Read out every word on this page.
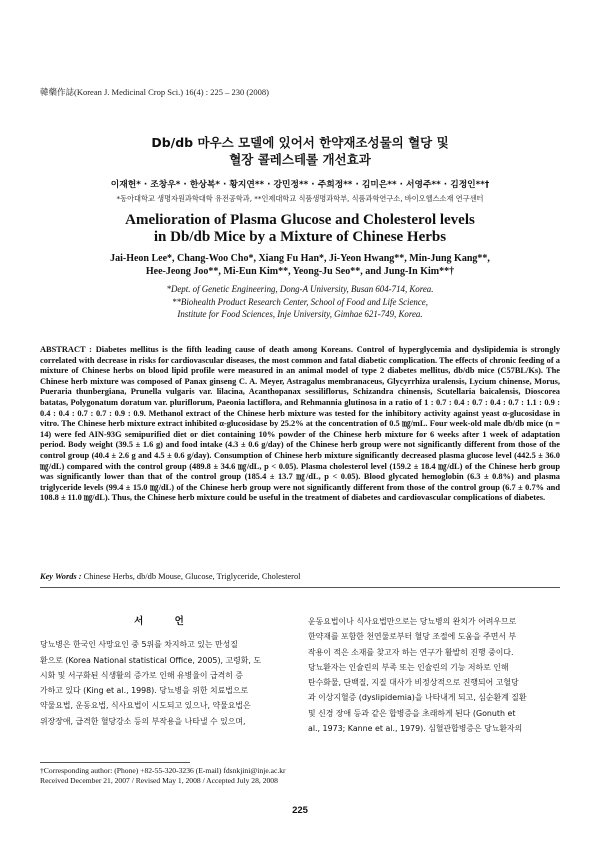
韓藥作誌(Korean J. Medicinal Crop Sci.) 16(4) : 225 – 230 (2008)
Db/db 마우스 모델에 있어서 한약재조성물의 혈당 및
혈장 콜레스테롤 개선효과
이재헌* · 조창우* · 한상복* · 황지연** · 강민정** · 주희정** · 김미은** · 서영주** · 김정인**†
*동아대학교 생명자원과학대학 유전공학과, **인제대학교 식품생명과학부, 식품과학연구소, 바이오헬스소재 연구센터
Amelioration of Plasma Glucose and Cholesterol levels
in Db/db Mice by a Mixture of Chinese Herbs
Jai-Heon Lee*, Chang-Woo Cho*, Xiang Fu Han*, Ji-Yeon Hwang**, Min-Jung Kang**,
Hee-Jeong Joo**, Mi-Eun Kim**, Yeong-Ju Seo**, and Jung-In Kim**†
*Dept. of Genetic Engineering, Dong-A University, Busan 604-714, Korea.
**Biohealth Product Research Center, School of Food and Life Science,
Institute for Food Sciences, Inje University, Gimhae 621-749, Korea.
ABSTRACT : Diabetes mellitus is the fifth leading cause of death among Koreans. Control of hyperglycemia and dyslipidemia is strongly correlated with decrease in risks for cardiovascular diseases, the most common and fatal diabetic complication. The effects of chronic feeding of a mixture of Chinese herbs on blood lipid profile were measured in an animal model of type 2 diabetes mellitus, db/db mice (C57BL/Ks). The Chinese herb mixture was composed of Panax ginseng C. A. Meyer, Astragalus membranaceus, Glycyrrhiza uralensis, Lycium chinense, Morus, Pueraria thunbergiana, Prunella vulgaris var. lilacina, Acanthopanax sessiliflorus, Schizandra chinensis, Scutellaria baicalensis, Dioscorea batatas, Polygonatum doratum var. pluriflorum, Paeonia lactiflora, and Rehmannia glutinosa in a ratio of 1 : 0.7 : 0.4 : 0.7 : 0.4 : 0.7 : 1.1 : 0.9 : 0.4 : 0.4 : 0.7 : 0.7 : 0.9 : 0.9. Methanol extract of the Chinese herb mixture was tested for the inhibitory activity against yeast α-glucosidase in vitro. The Chinese herb mixture extract inhibited α-glucosidase by 25.2% at the concentration of 0.5 ㎎/mL. Four week-old male db/db mice (n = 14) were fed AIN-93G semipurified diet or diet containing 10% powder of the Chinese herb mixture for 6 weeks after 1 week of adaptation period. Body weight (39.5 ± 1.6 g) and food intake (4.3 ± 0.6 g/day) of the Chinese herb group were not significantly different from those of the control group (40.4 ± 2.6 g and 4.5 ± 0.6 g/day). Consumption of Chinese herb mixture significantly decreased plasma glucose level (442.5 ± 36.0 ㎎/dL) compared with the control group (489.8 ± 34.6 ㎎/dL, p < 0.05). Plasma cholesterol level (159.2 ± 18.4 ㎎/dL) of the Chinese herb group was significantly lower than that of the control group (185.4 ± 13.7 ㎎/dL, p < 0.05). Blood glycated hemoglobin (6.3 ± 0.8%) and plasma triglyceride levels (99.4 ± 15.0 ㎎/dL) of the Chinese herb group were not significantly different from those of the control group (6.7 ± 0.7% and 108.8 ± 11.0 ㎎/dL). Thus, the Chinese herb mixture could be useful in the treatment of diabetes and cardiovascular complications of diabetes.
Key Words : Chinese Herbs, db/db Mouse, Glucose, Triglyceride, Cholesterol
서 언
당뇨병은 한국인 사망요인 중 5위를 차지하고 있는 만성질
환으로 (Korea National statistical Office, 2005), 고령화, 도
시화 및 서구화된 식생활의 증가로 인해 유병율이 급격히 증
가하고 있다 (King et al., 1998). 당뇨병을 위한 치료법으로
약물요법, 운동요법, 식사요법이 시도되고 있으나, 약물요법은
위장장애, 급격한 혈당강소 등의 부작용을 나타낼 수 있으며,
운동요법이나 식사요법만으로는 당뇨병의 완치가 어려우므로
한약재를 포함한 천연물로부터 혈당 조절에 도움을 주면서 부
작용이 적은 소재를 찾고자 하는 연구가 활발히 진행 중이다.
당뇨환자는 인슐린의 부족 또는 인슐린의 기능 저하로 인해
탄수화물, 단백질, 지질 대사가 비정상적으로 진행되어 고혈당
과 이상지혈증 (dyslipidemia)을 나타내게 되고, 심순환계 질환
및 신경 장애 등과 같은 합병증을 초래하게 된다 (Gonuth et
al., 1973; Kanne et al., 1979). 심혈관합병증은 당뇨환자의
†Corresponding author: (Phone) +82-55-320-3236 (E-mail) fdsnkjini@inje.ac.kr
Received December 21, 2007 / Revised May 1, 2008 / Accepted July 28, 2008
225
